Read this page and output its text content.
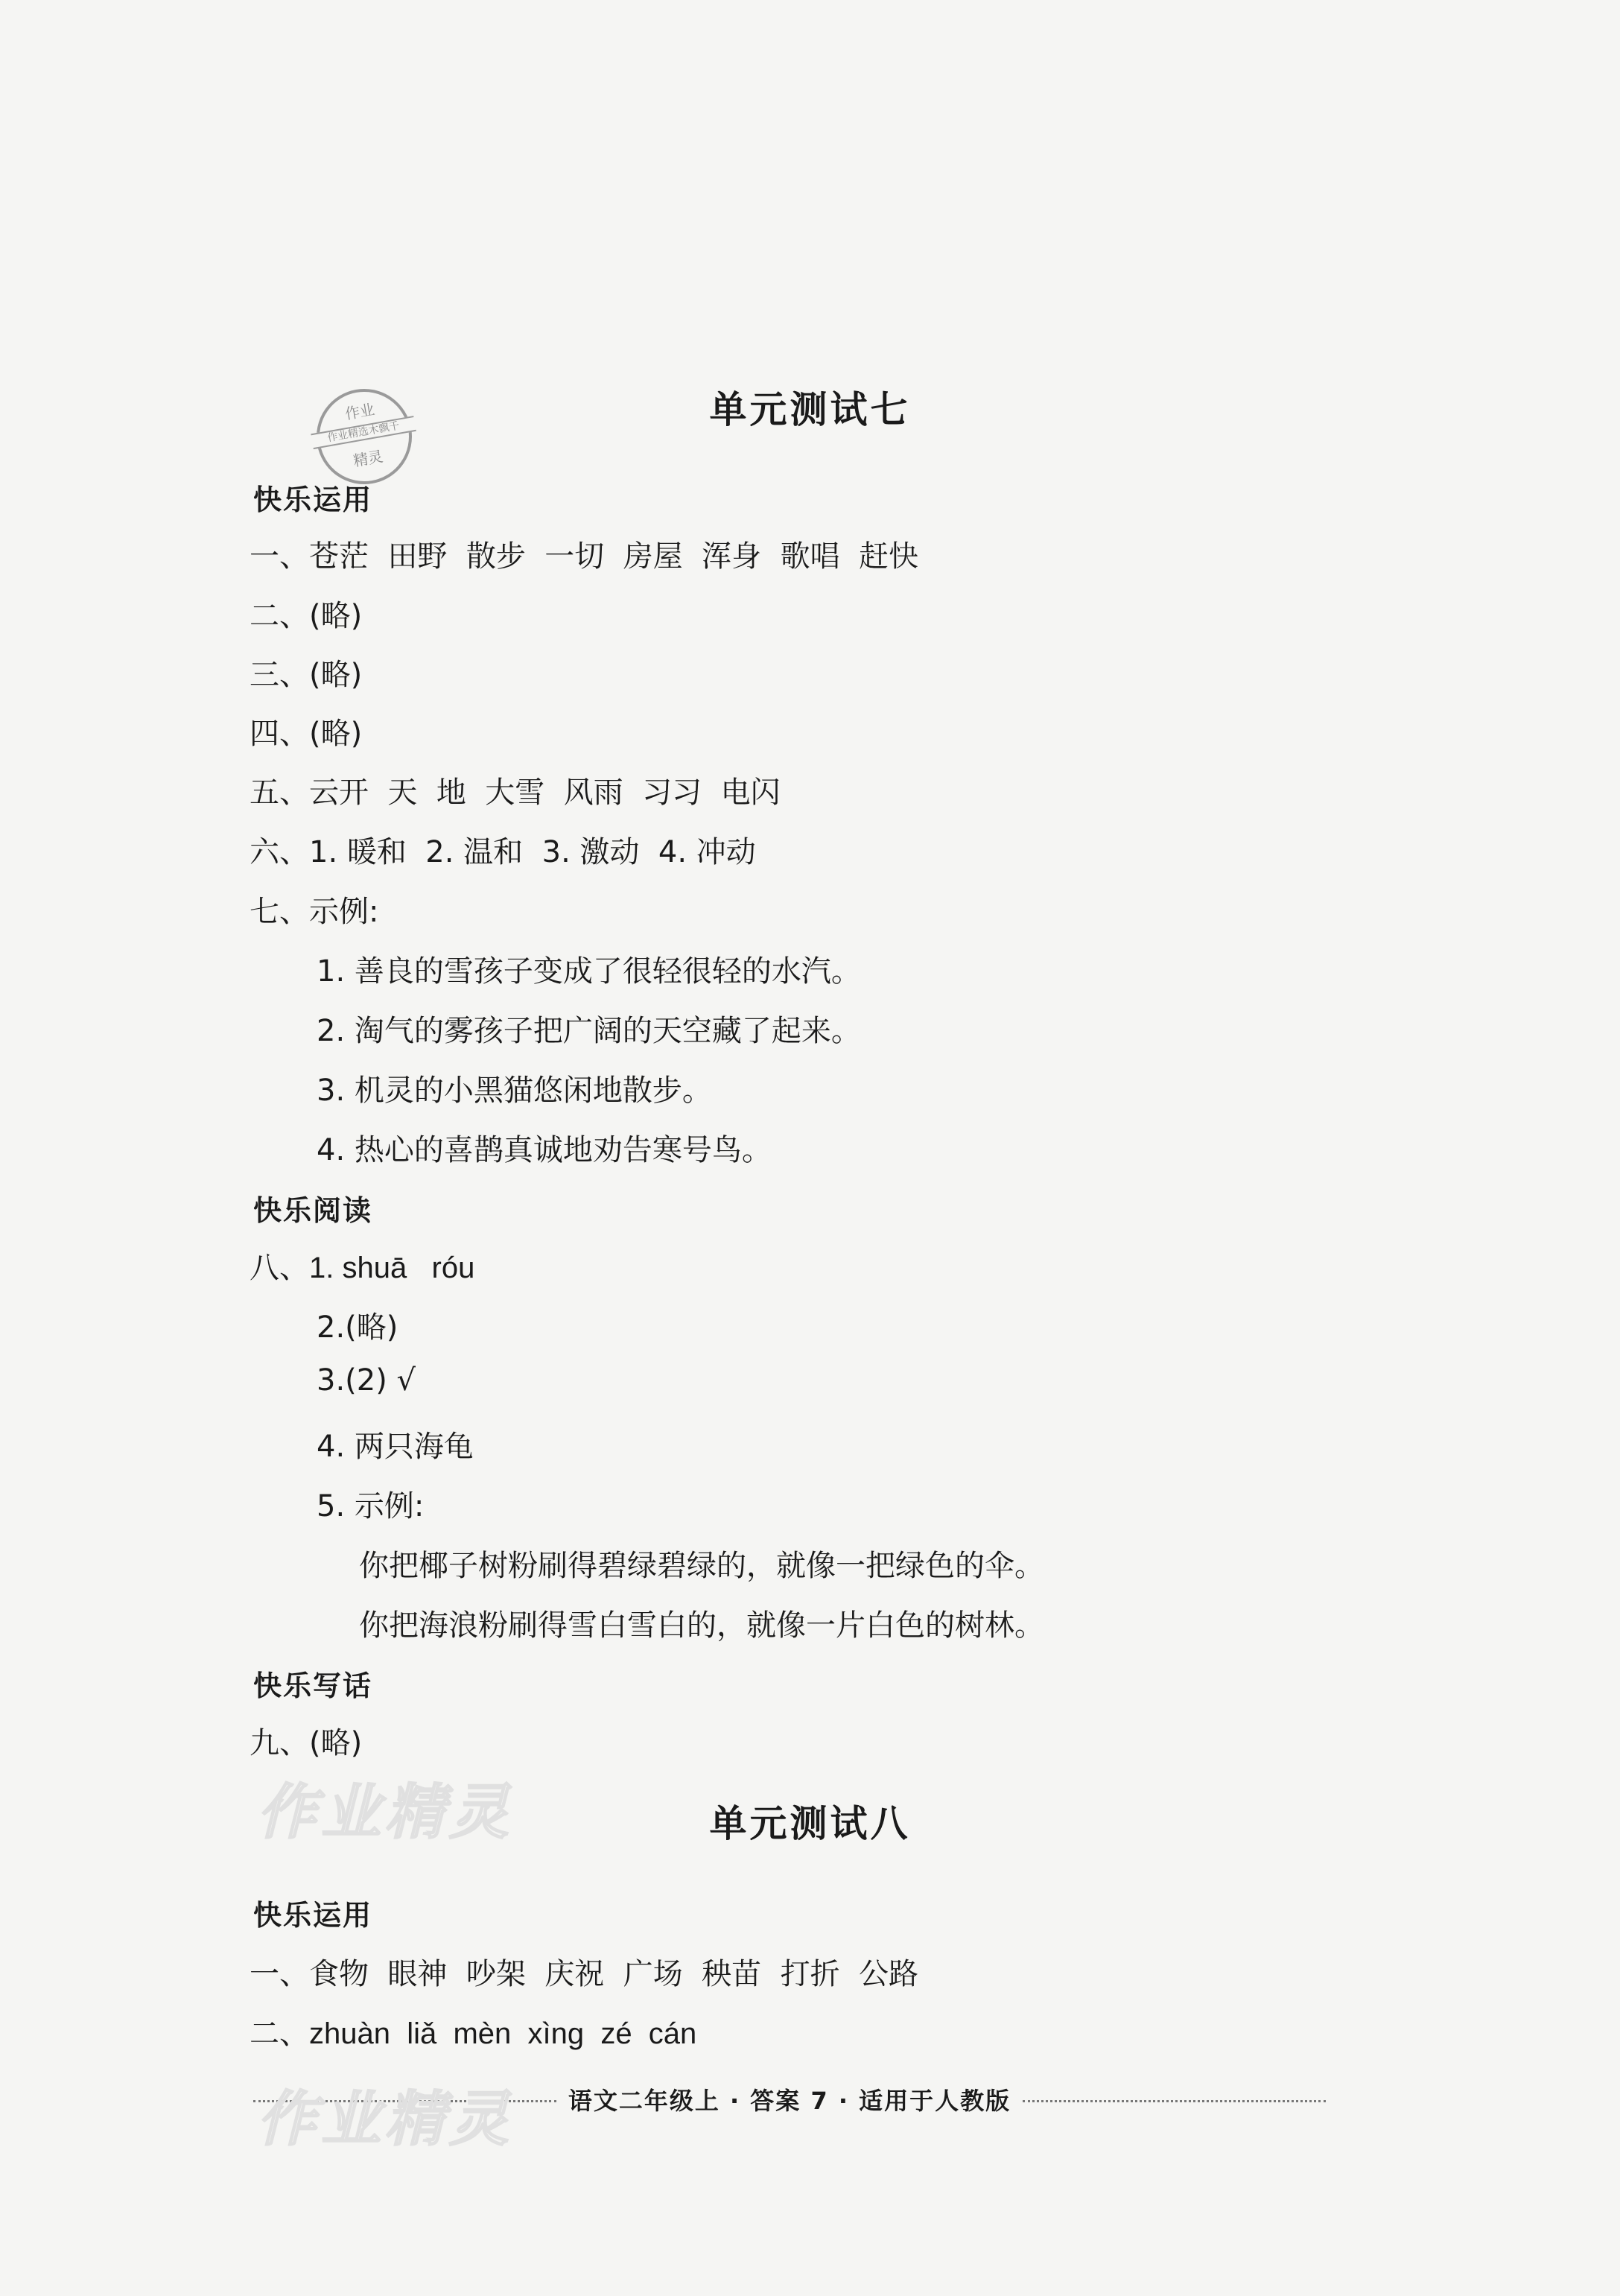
作业
作业精选木飘千
精灵
单元测试七
快乐运用
一、苍茫  田野  散步  一切  房屋  浑身  歌唱  赶快
二、(略)
三、(略)
四、(略)
五、云开  天  地  大雪  风雨  习习  电闪
六、1. 暖和  2. 温和  3. 激动  4. 冲动
七、示例:
1. 善良的雪孩子变成了很轻很轻的水汽。
2. 淘气的雾孩子把广阔的天空藏了起来。
3. 机灵的小黑猫悠闲地散步。
4. 热心的喜鹊真诚地劝告寒号鸟。
快乐阅读
八、1. shuā   róu
2.(略)
3.(2) √
4. 两只海龟
5. 示例:
你把椰子树粉刷得碧绿碧绿的，就像一把绿色的伞。
你把海浪粉刷得雪白雪白的，就像一片白色的树林。
快乐写话
九、(略)
作业精灵	单元测试八
快乐运用
一、食物  眼神  吵架  庆祝  广场  秧苗  打折  公路
二、zhuàn  liǎ  mèn  xìng  zé  cán
语文二年级上 · 答案 7 · 适用于人教版
作业精灵
